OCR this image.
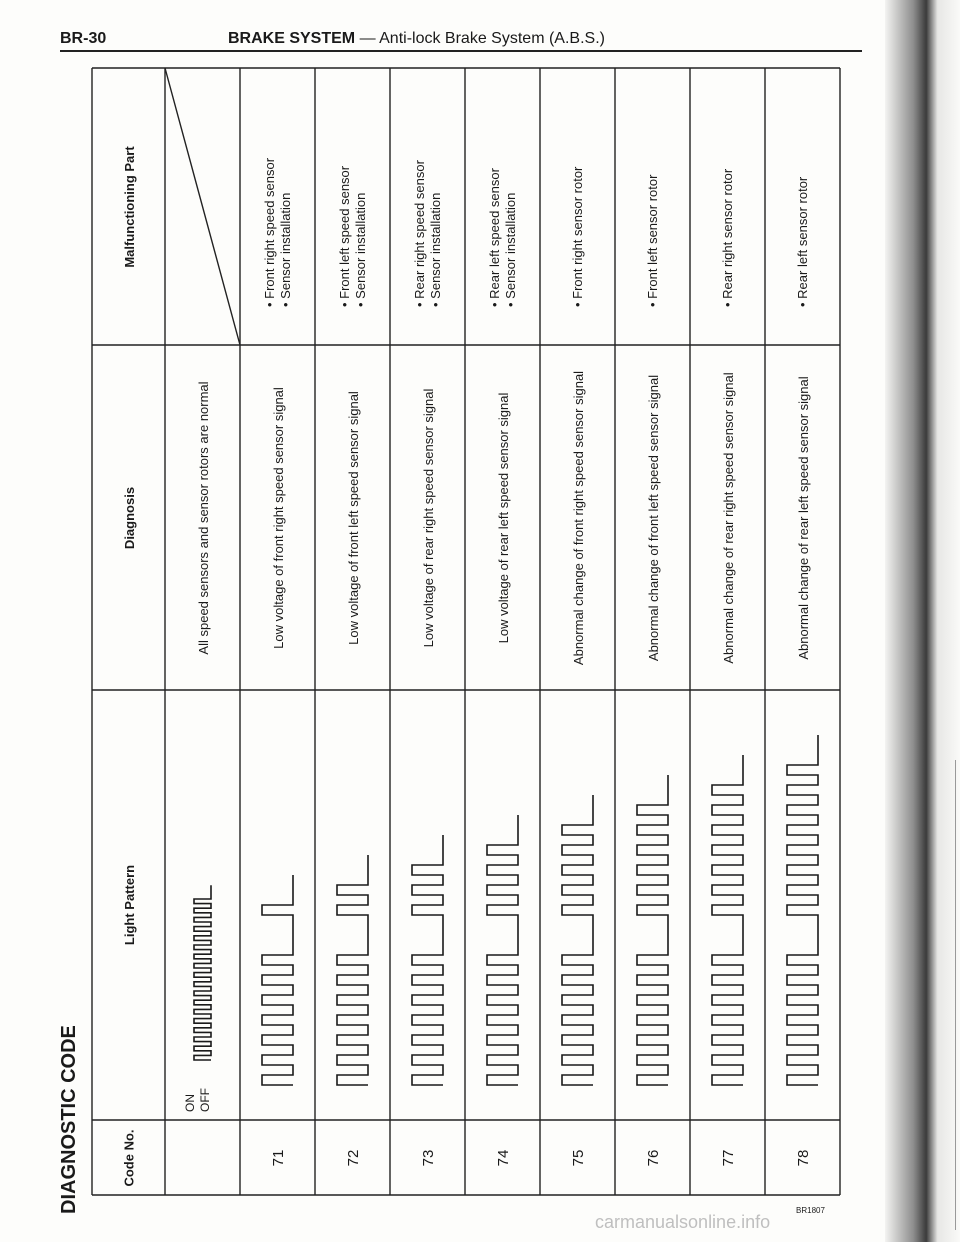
BR-30	BRAKE SYSTEM — Anti-lock Brake System (A.B.S.)
DIAGNOSTIC CODE	Code No.
Light Pattern
Diagnosis
Malfunctioning Part
ON OFF
All speed sensors and sensor rotors are normal
71
Low voltage of front right speed sensor signal
• Front right speed sensor • Sensor installation
72
Low voltage of front left speed sensor signal
• Front left speed sensor • Sensor installation
73
Low voltage of rear right speed sensor signal
• Rear right speed sensor • Sensor installation
74
Low voltage of rear left speed sensor signal
• Rear left speed sensor • Sensor installation
75
Abnormal change of front right speed sensor signal
• Front right sensor rotor
76
Abnormal change of front left speed sensor signal
• Front left sensor rotor
77
Abnormal change of rear right speed sensor signal
• Rear right sensor rotor
78
Abnormal change of rear left speed sensor signal
• Rear left sensor rotor
BR1807
carmanualsonline.info
